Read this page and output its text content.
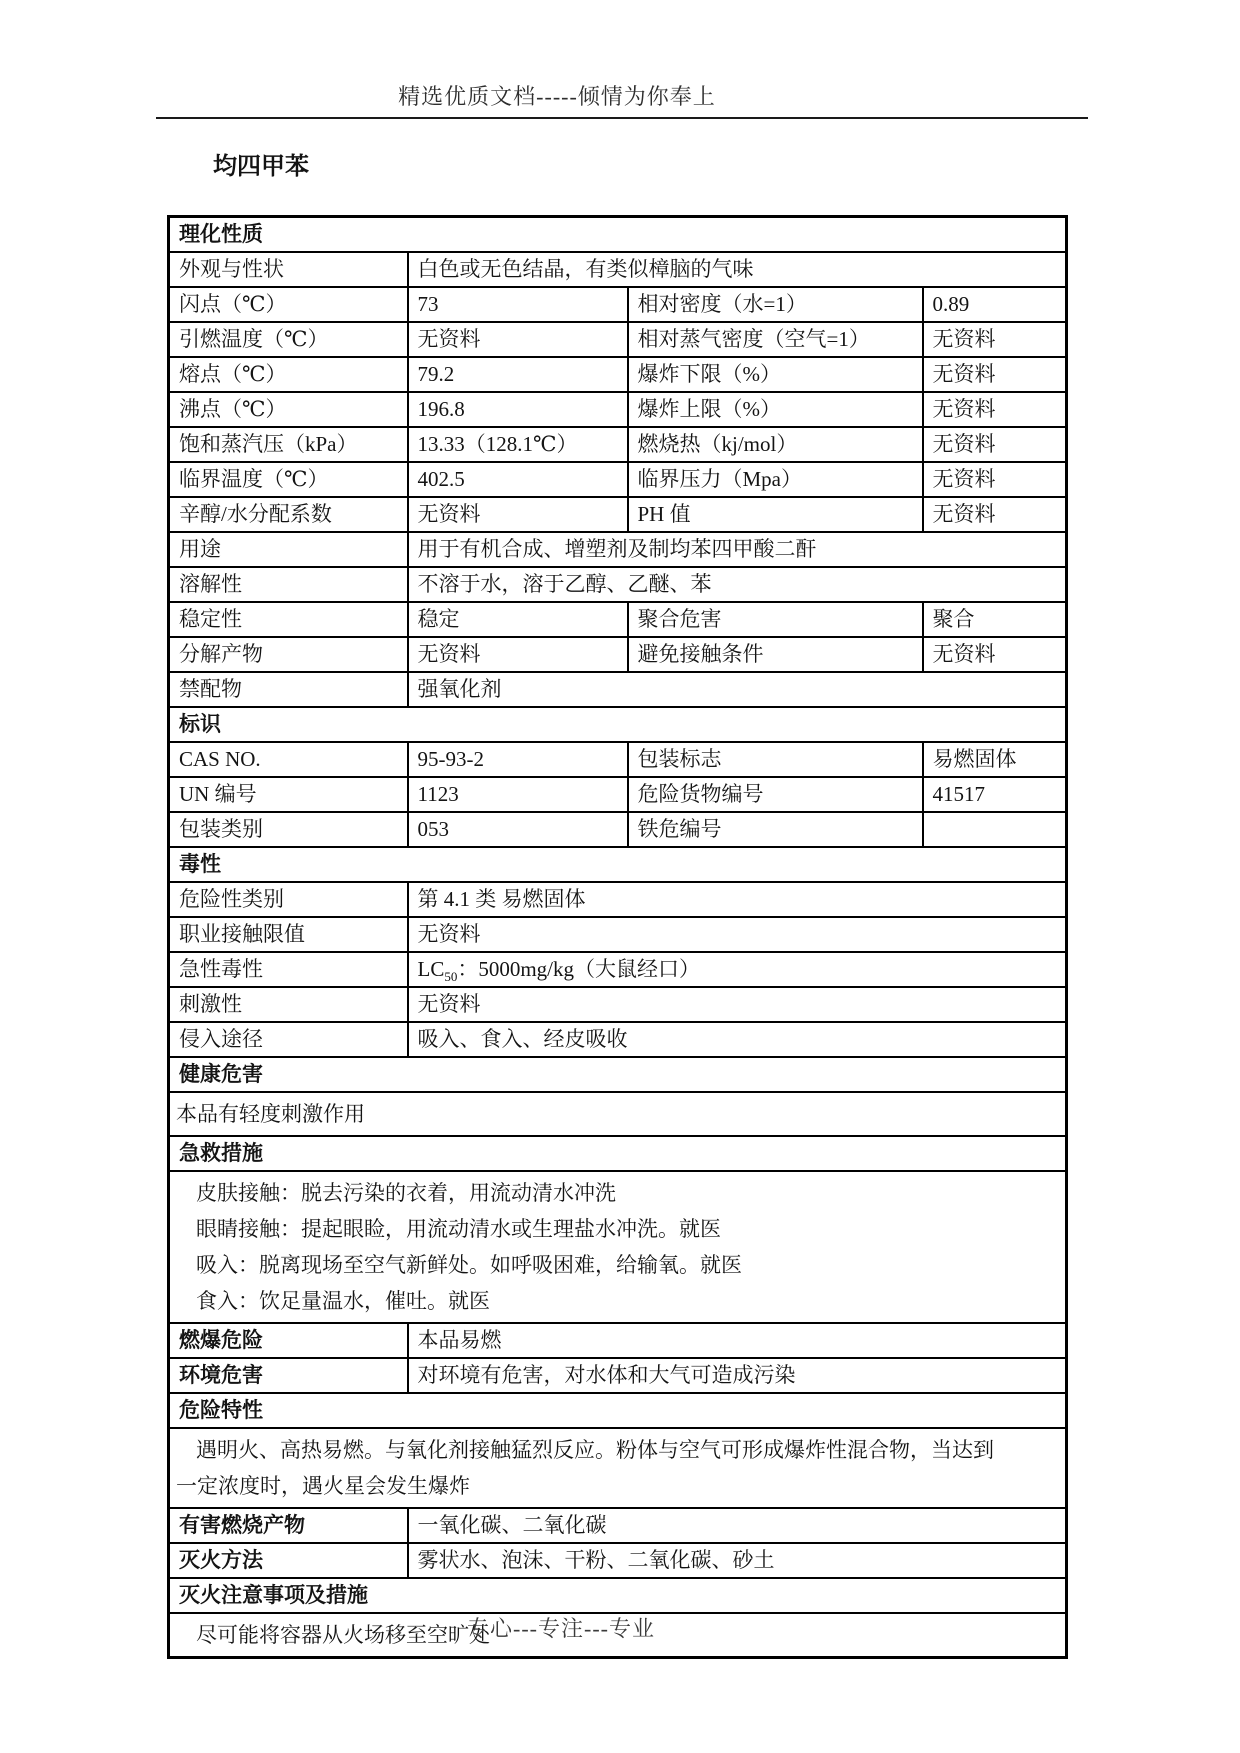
精选优质文档-----倾情为你奉上
均四甲苯
理化性质			
外观与性状	白色或无色结晶，有类似樟脑的气味		
闪点（℃）	73	相对密度（水=1）	0.89
引燃温度（℃）	无资料	相对蒸气密度（空气=1）	无资料
熔点（℃）	79.2	爆炸下限（%）	无资料
沸点（℃）	196.8	爆炸上限（%）	无资料
饱和蒸汽压（kPa）	13.33（128.1℃）	燃烧热（kj/mol）	无资料
临界温度（℃）	402.5	临界压力（Mpa）	无资料
辛醇/水分配系数	无资料	PH 值	无资料
用途	用于有机合成、增塑剂及制均苯四甲酸二酐		
溶解性	不溶于水，溶于乙醇、乙醚、苯		
稳定性	稳定	聚合危害	聚合
分解产物	无资料	避免接触条件	无资料
禁配物	强氧化剂		
标识			
CAS NO.	95-93-2	包装标志	易燃固体
UN 编号	1123	危险货物编号	41517
包装类别	053	铁危编号	
毒性			
危险性类别	第 4.1 类 易燃固体		
职业接触限值	无资料		
急性毒性	$LC_{50}$：5000mg/kg（大鼠经口）		
刺激性	无资料		
侵入途径	吸入、食入、经皮吸收		
健康危害			

本品有轻度刺激作用			

急救措施			

皮肤接触：脱去污染的衣着，用流动清水冲洗
眼睛接触：提起眼睑，用流动清水或生理盐水冲洗。就医
吸入：脱离现场至空气新鲜处。如呼吸困难，给输氧。就医
食入：饮足量温水，催吐。就医			

燃爆危险	本品易燃		
环境危害	对环境有危害，对水体和大气可造成污染		
危险特性			

遇明火、高热易燃。与氧化剂接触猛烈反应。粉体与空气可形成爆炸性混合物，当达到
一定浓度时，遇火星会发生爆炸			

有害燃烧产物	一氧化碳、二氧化碳		
灭火方法	雾状水、泡沫、干粉、二氧化碳、砂土		
灭火注意事项及措施			

尽可能将容器从火场移至空旷处			
专心---专注---专业
